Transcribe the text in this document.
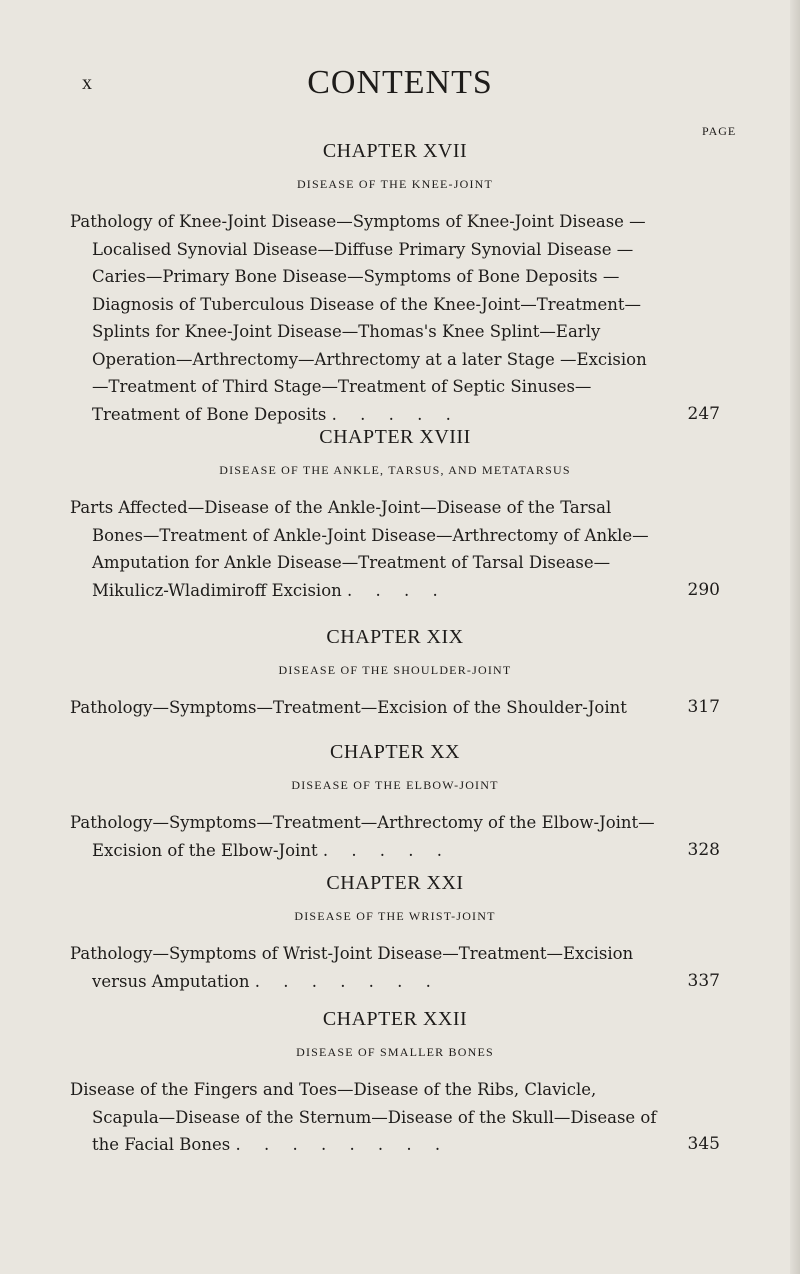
x	CONTENTS
PAGE
CHAPTER XVII
DISEASE OF THE KNEE-JOINT
Pathology of Knee-Joint Disease—Symptoms of Knee-Joint Disease —Localised Synovial Disease—Diffuse Primary Synovial Disease —Caries—Primary Bone Disease—Symptoms of Bone Deposits —Diagnosis of Tuberculous Disease of the Knee-Joint—Treatment—Splints for Knee-Joint Disease—Thomas's Knee Splint—Early Operation—Arthrectomy—Arthrectomy at a later Stage —Excision—Treatment of Third Stage—Treatment of Septic Sinuses—Treatment of Bone Deposits . . . . .	247
CHAPTER XVIII
DISEASE OF THE ANKLE, TARSUS, AND METATARSUS
Parts Affected—Disease of the Ankle-Joint—Disease of the Tarsal Bones—Treatment of Ankle-Joint Disease—Arthrectomy of Ankle—Amputation for Ankle Disease—Treatment of Tarsal Disease—Mikulicz-Wladimiroff Excision . . . .	290
CHAPTER XIX
DISEASE OF THE SHOULDER-JOINT
Pathology—Symptoms—Treatment—Excision of the Shoulder-Joint	317
CHAPTER XX
DISEASE OF THE ELBOW-JOINT
Pathology—Symptoms—Treatment—Arthrectomy of the Elbow-Joint—Excision of the Elbow-Joint . . . . .	328
CHAPTER XXI
DISEASE OF THE WRIST-JOINT
Pathology—Symptoms of Wrist-Joint Disease—Treatment—Excision versus Amputation . . . . . . .	337
CHAPTER XXII
DISEASE OF SMALLER BONES
Disease of the Fingers and Toes—Disease of the Ribs, Clavicle, Scapula—Disease of the Sternum—Disease of the Skull—Disease of the Facial Bones . . . . . . . .	345
